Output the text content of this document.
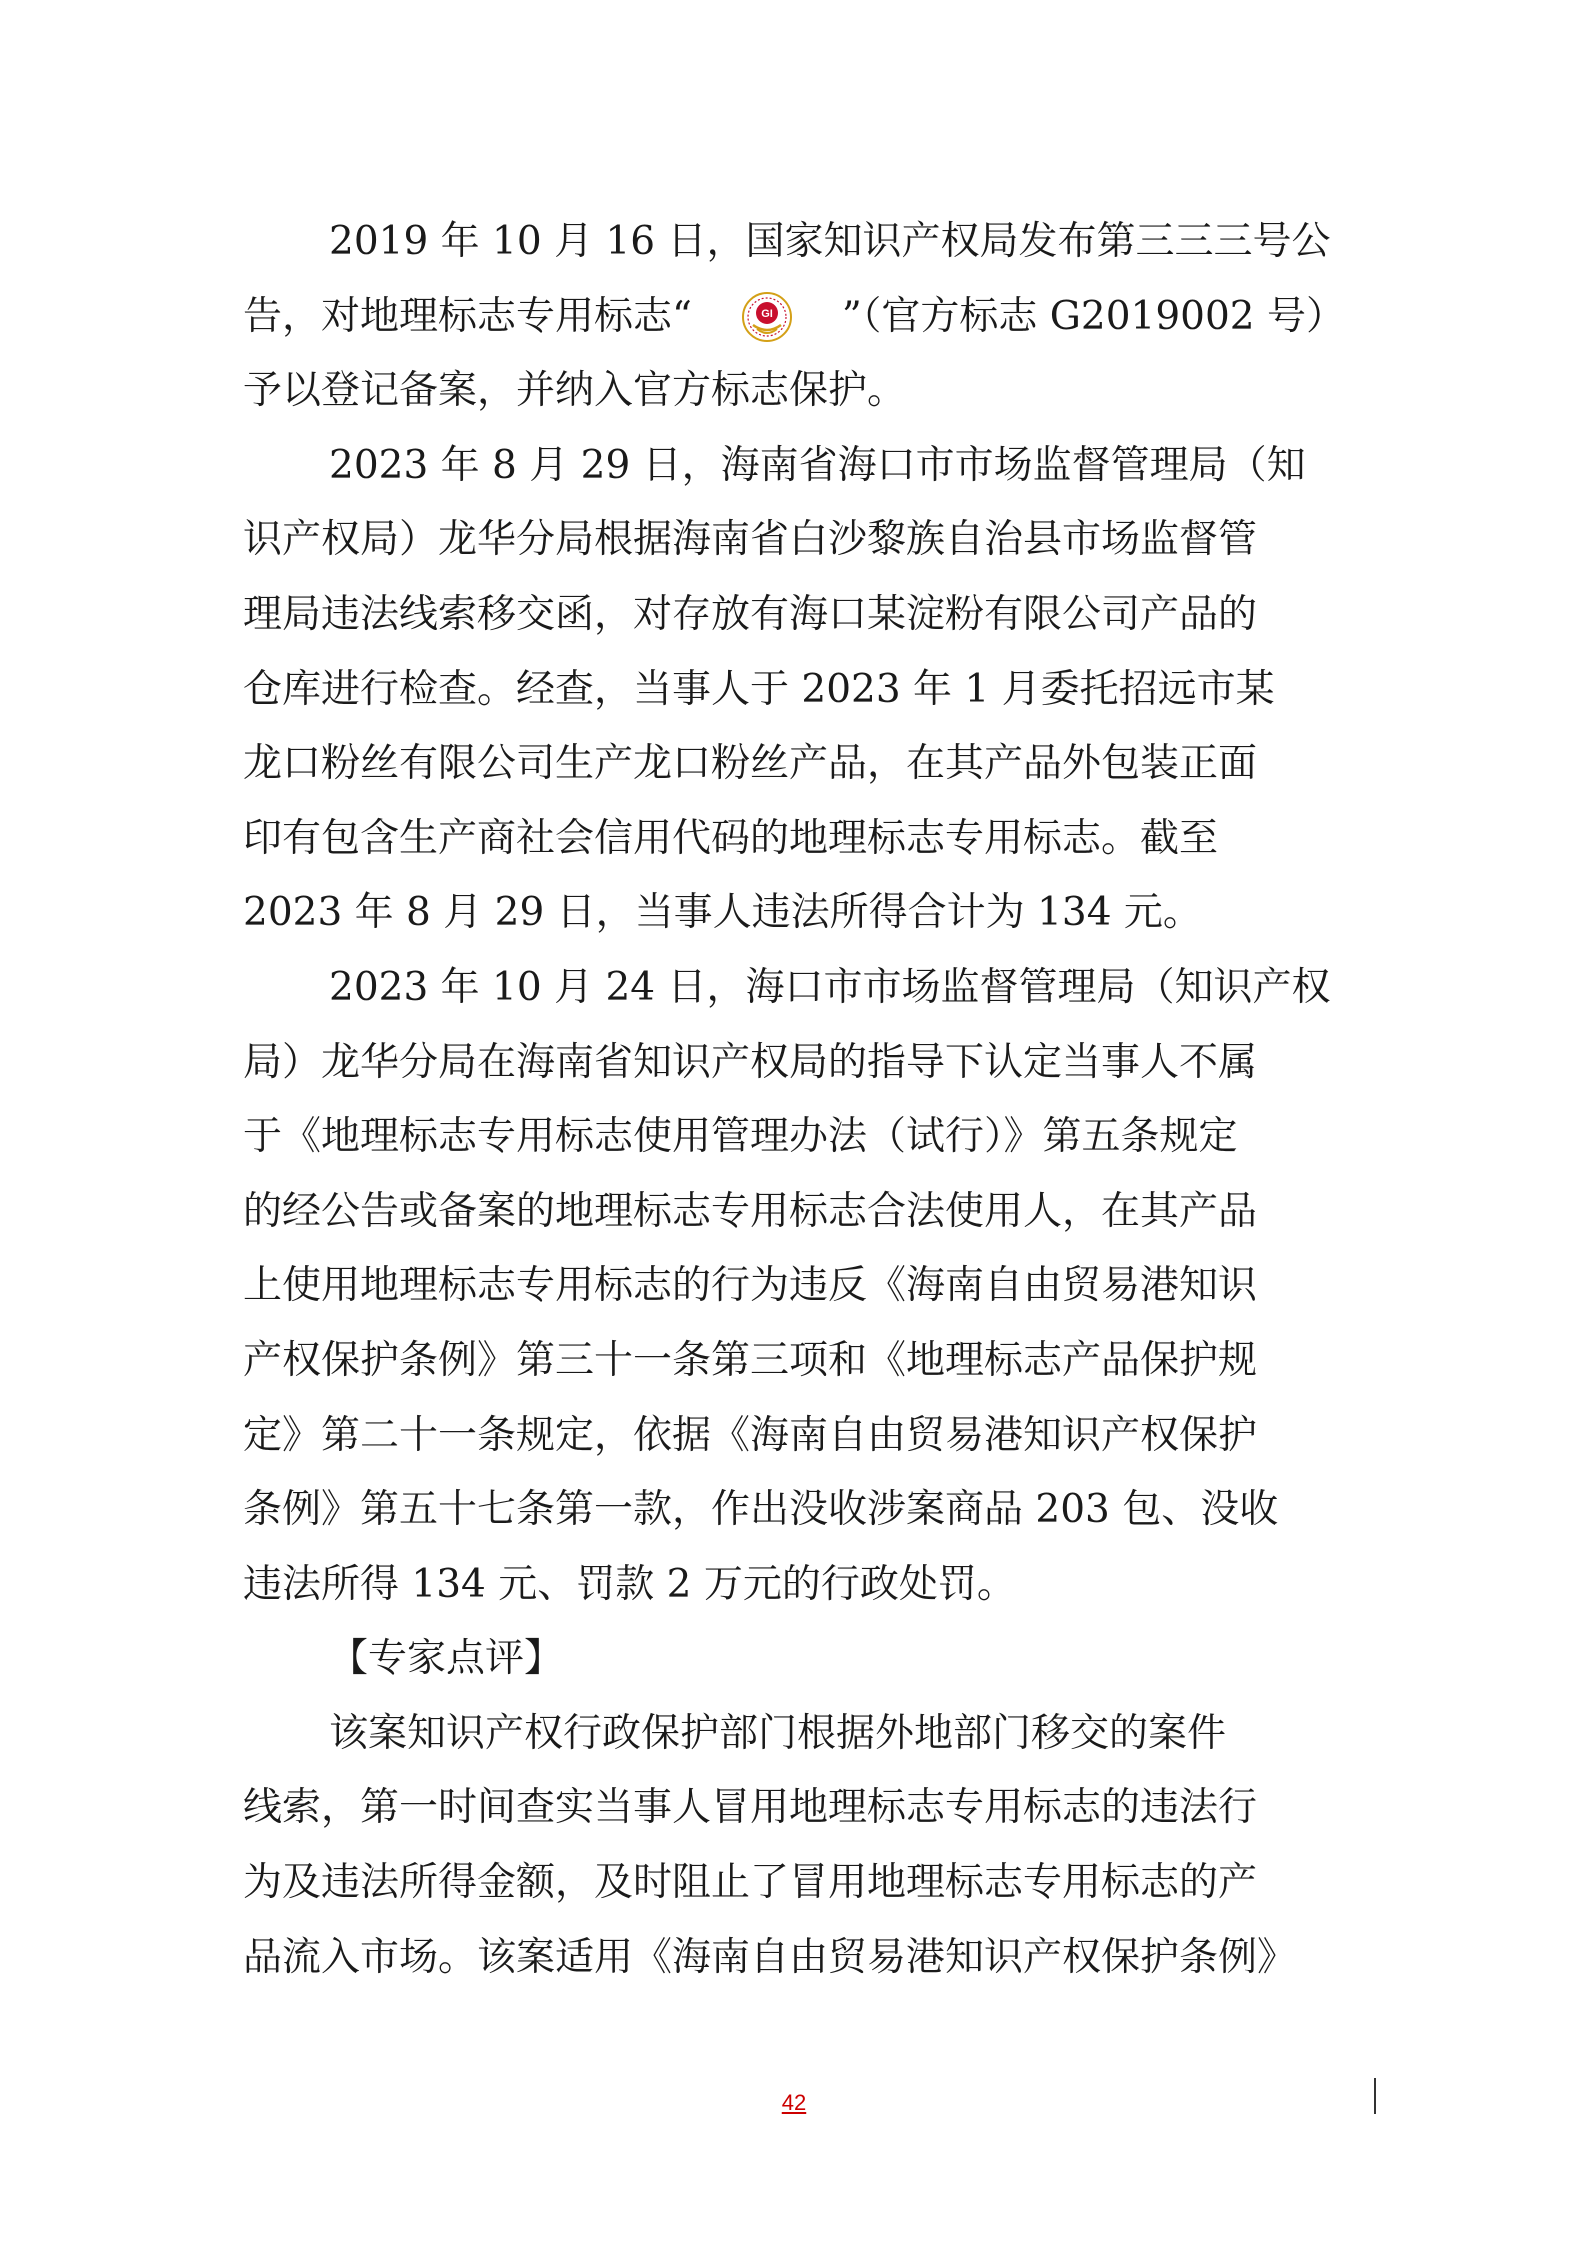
2019 年 10 月 16 日，国家知识产权局发布第三三三号公
告，对地理标志专用标志“	GI ”（官方标志 G2019002 号）
予以登记备案，并纳入官方标志保护。
2023 年 8 月 29 日，海南省海口市市场监督管理局（知
识产权局）龙华分局根据海南省白沙黎族自治县市场监督管
理局违法线索移交函，对存放有海口某淀粉有限公司产品的
仓库进行检查。经查，当事人于 2023 年 1 月委托招远市某
龙口粉丝有限公司生产龙口粉丝产品，在其产品外包装正面
印有包含生产商社会信用代码的地理标志专用标志。截至
2023 年 8 月 29 日，当事人违法所得合计为 134 元。
2023 年 10 月 24 日，海口市市场监督管理局（知识产权
局）龙华分局在海南省知识产权局的指导下认定当事人不属
于《地理标志专用标志使用管理办法（试行）》第五条规定
的经公告或备案的地理标志专用标志合法使用人，在其产品
上使用地理标志专用标志的行为违反《海南自由贸易港知识
产权保护条例》第三十一条第三项和《地理标志产品保护规
定》第二十一条规定，依据《海南自由贸易港知识产权保护
条例》第五十七条第一款，作出没收涉案商品 203 包、没收
违法所得 134 元、罚款 2 万元的行政处罚。
【专家点评】
该案知识产权行政保护部门根据外地部门移交的案件
线索，第一时间查实当事人冒用地理标志专用标志的违法行
为及违法所得金额，及时阻止了冒用地理标志专用标志的产
品流入市场。该案适用《海南自由贸易港知识产权保护条例》
42
